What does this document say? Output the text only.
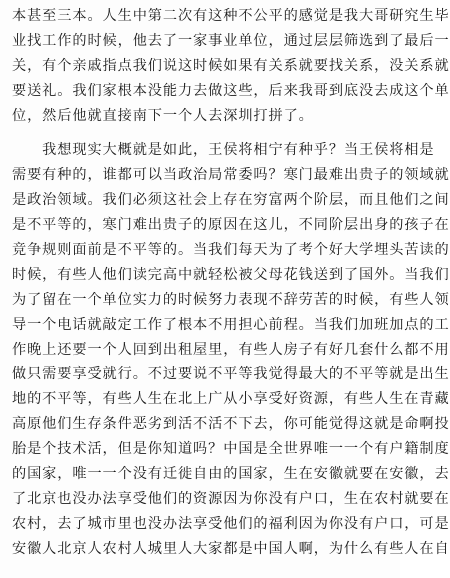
本甚至三本。人生中第二次有这种不公平的感觉是我大哥研究生毕
业找工作的时候，他去了一家事业单位，通过层层筛选到了最后一
关，有个亲戚指点我们说这时候如果有关系就要找关系，没关系就
要送礼。我们家根本没能力去做这些，后来我哥到底没去成这个单
位，然后他就直接南下一个人去深圳打拼了。
　　我想现实大概就是如此，王侯将相宁有种乎？当王侯将相是
需要有种的，谁都可以当政治局常委吗？寒门最难出贵子的领域就
是政治领域。我们必须这社会上存在穷富两个阶层，而且他们之间
是不平等的，寒门难出贵子的原因在这儿，不同阶层出身的孩子在
竞争规则面前是不平等的。当我们每天为了考个好大学埋头苦读的
时候，有些人他们读完高中就轻松被父母花钱送到了国外。当我们
为了留在一个单位实力的时候努力表现不辞劳苦的时候，有些人领
导一个电话就敲定工作了根本不用担心前程。当我们加班加点的工
作晚上还要一个人回到出租屋里，有些人房子有好几套什么都不用
做只需要享受就行。不过要说不平等我觉得最大的不平等就是出生
地的不平等，有些人生在北上广从小享受好资源，有些人生在青藏
高原他们生存条件恶劣到活不活不下去，你可能觉得这就是命啊投
胎是个技术活，但是你知道吗？中国是全世界唯一一个有户籍制度
的国家，唯一一个没有迁徙自由的国家，生在安徽就要在安徽，去
了北京也没办法享受他们的资源因为你没有户口，生在农村就要在
农村，去了城市里也没办法享受他们的福利因为你没有户口，可是
安徽人北京人农村人城里人大家都是中国人啊，为什么有些人在自
